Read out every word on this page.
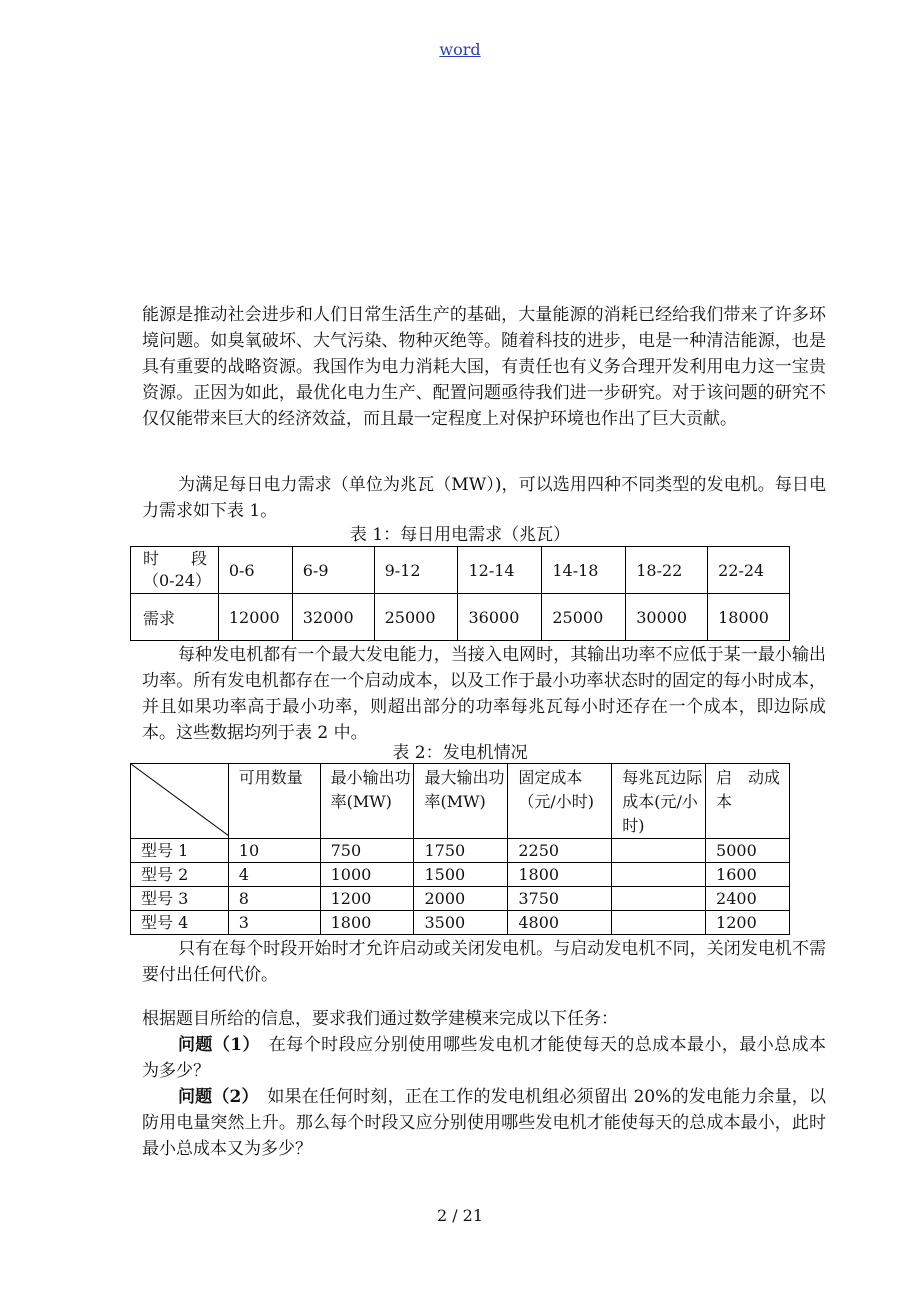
word

能源是推动社会进步和人们日常生活生产的基础，大量能源的消耗已经给我们带来了许多环境问题。如臭氧破坏、大气污染、物种灭绝等。随着科技的进步，电是一种清洁能源，也是具有重要的战略资源。我国作为电力消耗大国，有责任也有义务合理开发利用电力这一宝贵资源。正因为如此，最优化电力生产、配置问题亟待我们进一步研究。对于该问题的研究不仅仅能带来巨大的经济效益，而且最一定程度上对保护环境也作出了巨大贡献。

为满足每日电力需求（单位为兆瓦（MW）)，可以选用四种不同类型的发电机。每日电力需求如下表 1。

表 1：每日用电需求（兆瓦）

时　　段
（0-24）	0-6	6-9	9-12	12-14	14-18	18-22	22-24
需求	12000	32000	25000	36000	25000	30000	18000

每种发电机都有一个最大发电能力，当接入电网时，其输出功率不应低于某一最小输出功率。所有发电机都存在一个启动成本，以及工作于最小功率状态时的固定的每小时成本，并且如果功率高于最小功率，则超出部分的功率每兆瓦每小时还存在一个成本，即边际成本。这些数据均列于表 2 中。

表 2：发电机情况

	可用数量	最小输出功率(MW)	最大输出功率(MW)	固定成本（元/小时)	每兆瓦边际成本(元/小时)	启　动成本
型号 1	10	750	1750	2250		5000
型号 2	4	1000	1500	1800		1600
型号 3	8	1200	2000	3750		2400
型号 4	3	1800	3500	4800		1200

只有在每个时段开始时才允许启动或关闭发电机。与启动发电机不同，关闭发电机不需要付出任何代价。

根据题目所给的信息，要求我们通过数学建模来完成以下任务：

问题（1）　在每个时段应分别使用哪些发电机才能使每天的总成本最小，最小总成本为多少？

问题（2）　如果在任何时刻，正在工作的发电机组必须留出 20%的发电能力余量，以防用电量突然上升。那么每个时段又应分别使用哪些发电机才能使每天的总成本最小，此时最小总成本又为多少？

2 / 21
